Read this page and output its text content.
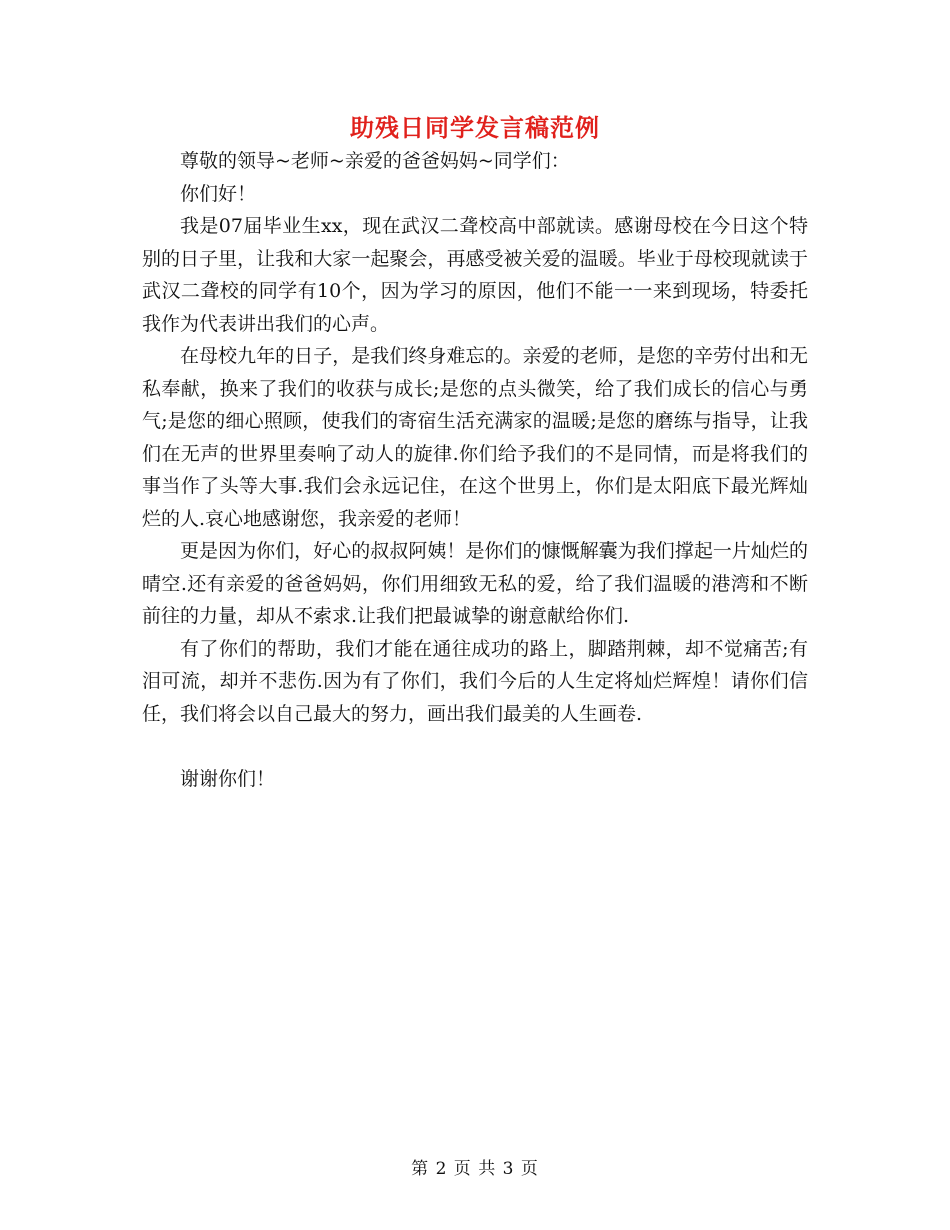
助残日同学发言稿范例

尊敬的领导~老师~亲爱的爸爸妈妈~同学们：

你们好！

我是07届毕业生xx，现在武汉二聋校高中部就读。感谢母校在今日这个特别的日子里，让我和大家一起聚会，再感受被关爱的温暖。毕业于母校现就读于武汉二聋校的同学有10个，因为学习的原因，他们不能一一来到现场，特委托我作为代表讲出我们的心声。

在母校九年的日子，是我们终身难忘的。亲爱的老师，是您的辛劳付出和无私奉献，换来了我们的收获与成长;是您的点头微笑，给了我们成长的信心与勇气;是您的细心照顾，使我们的寄宿生活充满家的温暖;是您的磨练与指导，让我们在无声的世界里奏响了动人的旋律.你们给予我们的不是同情，而是将我们的事当作了头等大事.我们会永远记住，在这个世男上，你们是太阳底下最光辉灿烂的人.哀心地感谢您，我亲爱的老师！

更是因为你们，好心的叔叔阿姨！是你们的慷慨解囊为我们撑起一片灿烂的晴空.还有亲爱的爸爸妈妈，你们用细致无私的爱，给了我们温暖的港湾和不断前往的力量，却从不索求.让我们把最诚挚的谢意献给你们.

有了你们的帮助，我们才能在通往成功的路上，脚踏荆棘，却不觉痛苦;有泪可流，却并不悲伤.因为有了你们，我们今后的人生定将灿烂辉煌！请你们信任，我们将会以自己最大的努力，画出我们最美的人生画卷.

谢谢你们！

第 2 页 共 3 页
